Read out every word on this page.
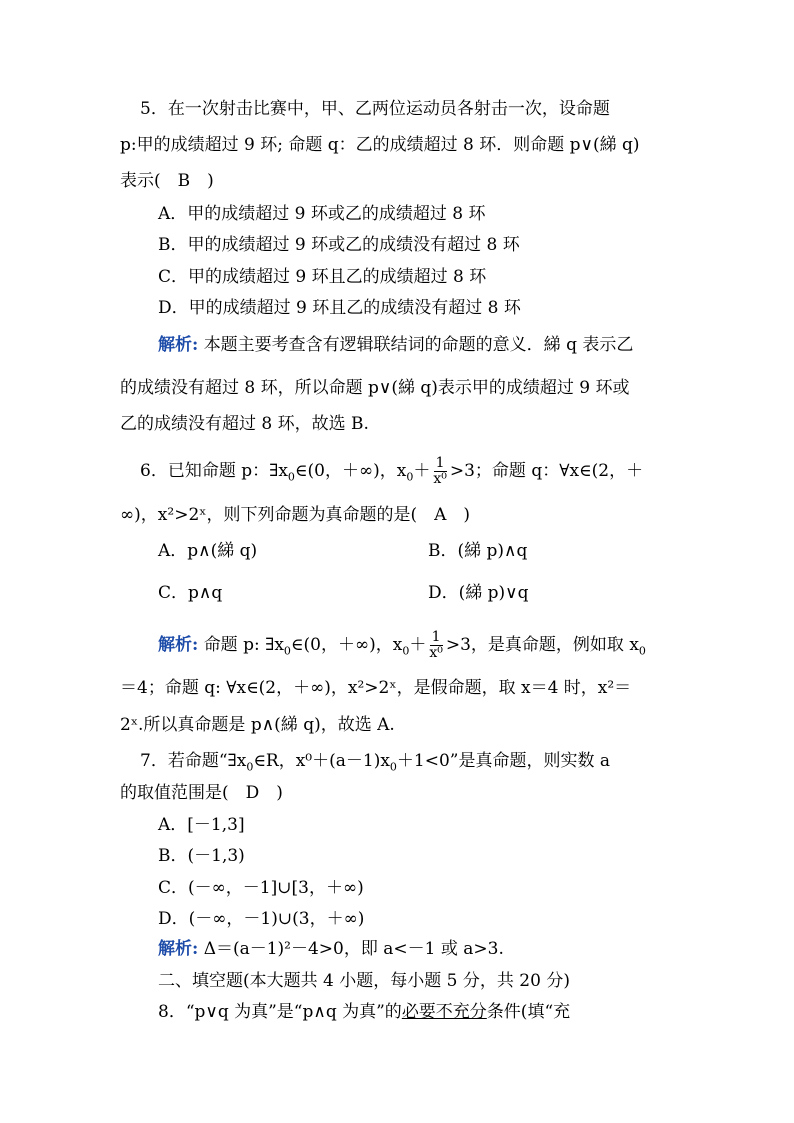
5．在一次射击比赛中，甲、乙两位运动员各射击一次，设命题
p:甲的成绩超过 9 环; 命题 q：乙的成绩超过 8 环．则命题 p∨(綈 q)
表示(　B　)
A．甲的成绩超过 9 环或乙的成绩超过 8 环
B．甲的成绩超过 9 环或乙的成绩没有超过 8 环
C．甲的成绩超过 9 环且乙的成绩超过 8 环
D．甲的成绩超过 9 环且乙的成绩没有超过 8 环
解析: 本题主要考查含有逻辑联结词的命题的意义．綈 q 表示乙
的成绩没有超过 8 环，所以命题 p∨(綈 q)表示甲的成绩超过 9 环或
乙的成绩没有超过 8 环，故选 B.
6．已知命题 p：$\exists x_0\in(0$，＋∞)，$x_0+ \frac{1}{\text{x⁰}} >3$；命题 q：∀x∈(2，＋
∞)，x²>2ˣ，则下列命题为真命题的是(　A　)
A．p∧(綈 q)	B．(綈 p)∧q
C．p∧q	D．(綈 p)∨q
解析: 命题 p: $\exists x_0\in(0$，＋∞)，$x_0+ \frac{1}{\text{x⁰}} >3$，是真命题，例如取 $x_0$
＝4；命题 q: ∀x∈(2，＋∞)，x²>2ˣ，是假命题，取 x＝4 时，x²＝
2ˣ.所以真命题是 p∧(綈 q)，故选 A.
7．若命题“$\exists x_0\in R$，$x^0+(a-1)x_0+1<0$”是真命题，则实数 a
的取值范围是(　D　)
A．[－1,3]
B．(－1,3)
C．(－∞，－1]∪[3，＋∞)
D．(－∞，－1)∪(3，＋∞)
解析: Δ＝(a－1)²－4>0，即 a<－1 或 a>3.
二、填空题(本大题共 4 小题，每小题 5 分，共 20 分)
8．“p∨q 为真”是“p∧q 为真”的必要不充分条件(填“充
